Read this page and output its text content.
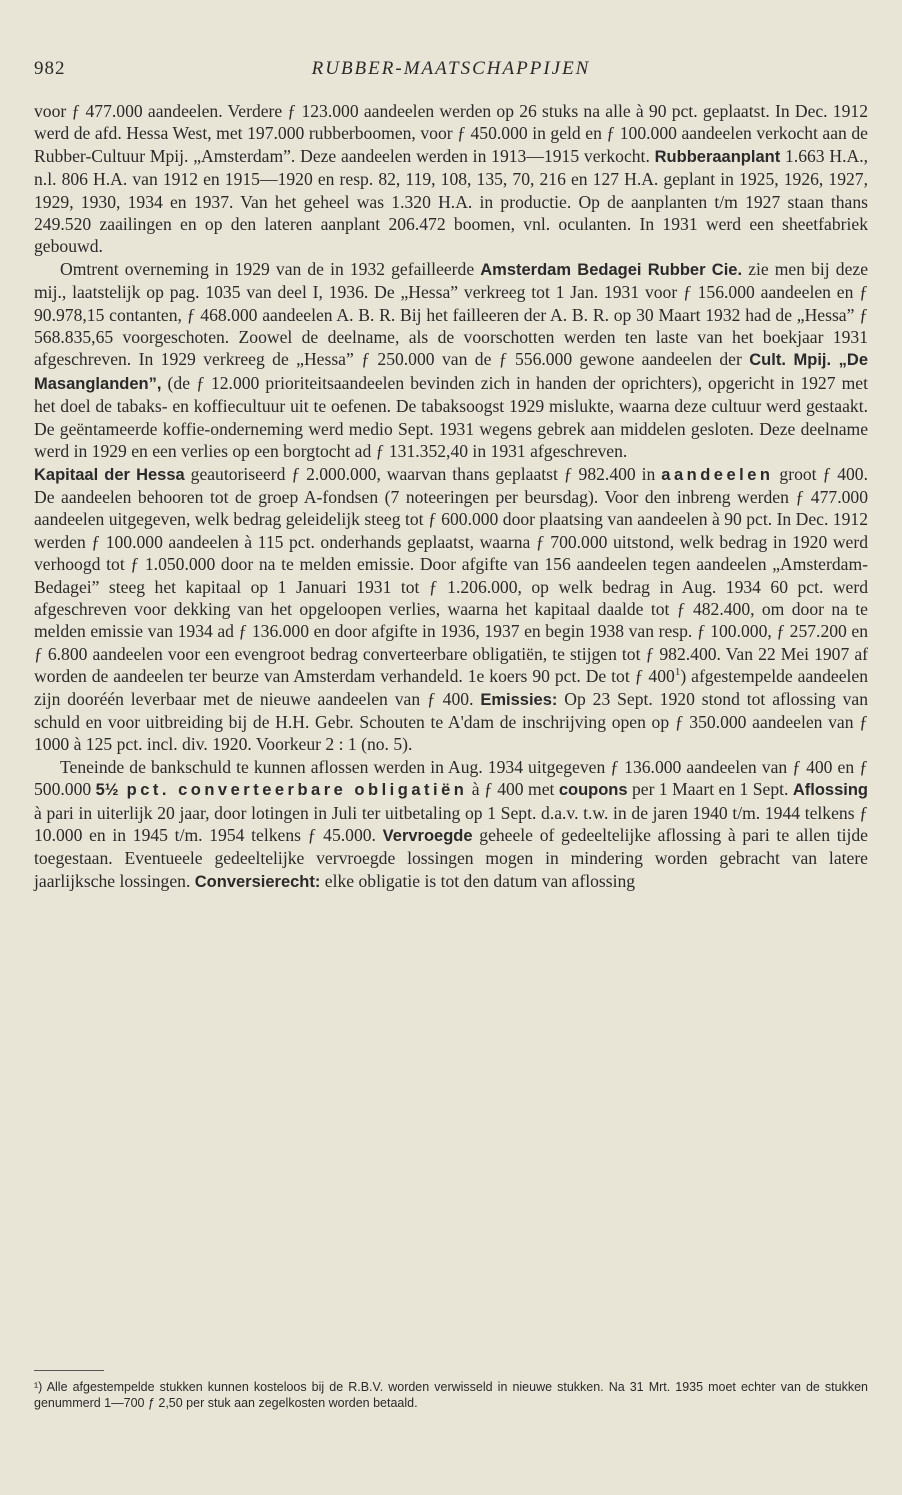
982	RUBBER-MAATSCHAPPIJEN

voor ƒ 477.000 aandeelen. Verdere ƒ 123.000 aandeelen werden op 26 stuks na alle à 90 pct. geplaatst. In Dec. 1912 werd de afd. Hessa West, met 197.000 rubberboomen, voor ƒ 450.000 in geld en ƒ 100.000 aandeelen verkocht aan de Rubber-Cultuur Mpij. „Amsterdam”. Deze aandeelen werden in 1913—1915 verkocht. Rubberaanplant 1.663 H.A., n.l. 806 H.A. van 1912 en 1915—1920 en resp. 82, 119, 108, 135, 70, 216 en 127 H.A. geplant in 1925, 1926, 1927, 1929, 1930, 1934 en 1937. Van het geheel was 1.320 H.A. in productie. Op de aanplanten t/m 1927 staan thans 249.520 zaailingen en op den lateren aanplant 206.472 boomen, vnl. oculanten. In 1931 werd een sheetfabriek gebouwd.

Omtrent overneming in 1929 van de in 1932 gefailleerde Amsterdam Bedagei Rubber Cie. zie men bij deze mij., laatstelijk op pag. 1035 van deel I, 1936. De „Hessa” verkreeg tot 1 Jan. 1931 voor ƒ 156.000 aandeelen en ƒ 90.978,15 contanten, ƒ 468.000 aandeelen A. B. R. Bij het failleeren der A. B. R. op 30 Maart 1932 had de „Hessa” ƒ 568.835,65 voorgeschoten. Zoowel de deelname, als de voorschotten werden ten laste van het boekjaar 1931 afgeschreven. In 1929 verkreeg de „Hessa” ƒ 250.000 van de ƒ 556.000 gewone aandeelen der Cult. Mpij. „De Masanglanden”, (de ƒ 12.000 prioriteitsaandeelen bevinden zich in handen der oprichters), opgericht in 1927 met het doel de tabaks- en koffiecultuur uit te oefenen. De tabaksoogst 1929 mislukte, waarna deze cultuur werd gestaakt. De geëntameerde koffie-onderneming werd medio Sept. 1931 wegens gebrek aan middelen gesloten. Deze deelname werd in 1929 en een verlies op een borgtocht ad ƒ 131.352,40 in 1931 afgeschreven.

Kapitaal der Hessa geautoriseerd ƒ 2.000.000, waarvan thans geplaatst ƒ 982.400 in aandeelen groot ƒ 400. De aandeelen behooren tot de groep A-fondsen (7 noteeringen per beursdag). Voor den inbreng werden ƒ 477.000 aandeelen uitgegeven, welk bedrag geleidelijk steeg tot ƒ 600.000 door plaatsing van aandeelen à 90 pct. In Dec. 1912 werden ƒ 100.000 aandeelen à 115 pct. onderhands geplaatst, waarna ƒ 700.000 uitstond, welk bedrag in 1920 werd verhoogd tot ƒ 1.050.000 door na te melden emissie. Door afgifte van 156 aandeelen tegen aandeelen „Amsterdam-Bedagei” steeg het kapitaal op 1 Januari 1931 tot ƒ 1.206.000, op welk bedrag in Aug. 1934 60 pct. werd afgeschreven voor dekking van het opgeloopen verlies, waarna het kapitaal daalde tot ƒ 482.400, om door na te melden emissie van 1934 ad ƒ 136.000 en door afgifte in 1936, 1937 en begin 1938 van resp. ƒ 100.000, ƒ 257.200 en ƒ 6.800 aandeelen voor een evengroot bedrag converteerbare obligatiën, te stijgen tot ƒ 982.400. Van 22 Mei 1907 af worden de aandeelen ter beurze van Amsterdam verhandeld. 1e koers 90 pct. De tot ƒ $400^1$) afgestempelde aandeelen zijn dooréén leverbaar met de nieuwe aandeelen van ƒ 400. Emissies: Op 23 Sept. 1920 stond tot aflossing van schuld en voor uitbreiding bij de H.H. Gebr. Schouten te A'dam de inschrijving open op ƒ 350.000 aandeelen van ƒ 1000 à 125 pct. incl. div. 1920. Voorkeur 2 : 1 (no. 5).

Teneinde de bankschuld te kunnen aflossen werden in Aug. 1934 uitgegeven ƒ 136.000 aandeelen van ƒ 400 en ƒ 500.000 5½ pct. converteerbare obligatiën à ƒ 400 met coupons per 1 Maart en 1 Sept. Aflossing à pari in uiterlijk 20 jaar, door lotingen in Juli ter uitbetaling op 1 Sept. d.a.v. t.w. in de jaren 1940 t/m. 1944 telkens ƒ 10.000 en in 1945 t/m. 1954 telkens ƒ 45.000. Vervroegde geheele of gedeeltelijke aflossing à pari te allen tijde toegestaan. Eventueele gedeeltelijke vervroegde lossingen mogen in mindering worden gebracht van latere jaarlijksche lossingen. Conversierecht: elke obligatie is tot den datum van aflossing

¹) Alle afgestempelde stukken kunnen kosteloos bij de R.B.V. worden verwisseld in nieuwe stukken. Na 31 Mrt. 1935 moet echter van de stukken genummerd 1—700 ƒ 2,50 per stuk aan zegelkosten worden betaald.
